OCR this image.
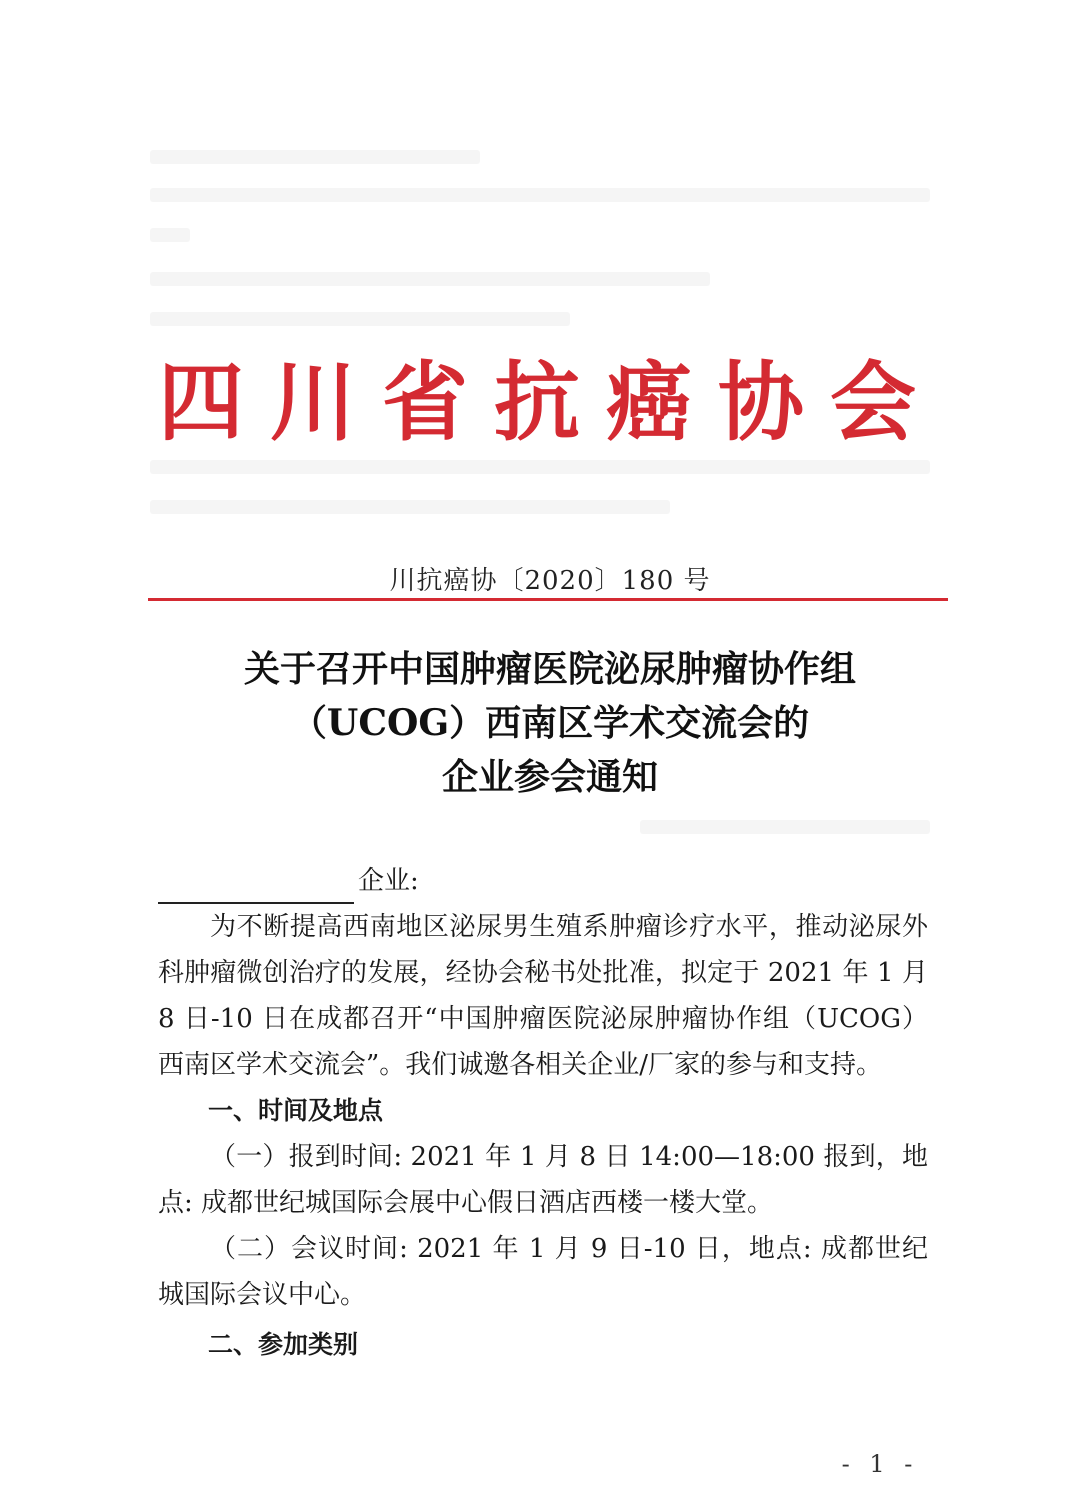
四川省抗癌协会
川抗癌协〔2020〕180 号
关于召开中国肿瘤医院泌尿肿瘤协作组
（UCOG）西南区学术交流会的
企业参会通知
企业:

为不断提高西南地区泌尿男生殖系肿瘤诊疗水平，推动泌尿外科肿瘤微创治疗的发展，经协会秘书处批准，拟定于 2021 年 1 月 8 日-10 日在成都召开“中国肿瘤医院泌尿肿瘤协作组（UCOG）西南区学术交流会”。我们诚邀各相关企业/厂家的参与和支持。

一、时间及地点

（一）报到时间: 2021 年 1 月 8 日 14:00—18:00 报到，地点: 成都世纪城国际会展中心假日酒店西楼一楼大堂。

（二）会议时间: 2021 年 1 月 9 日-10 日，地点: 成都世纪城国际会议中心。

二、参加类别

- 1 -
